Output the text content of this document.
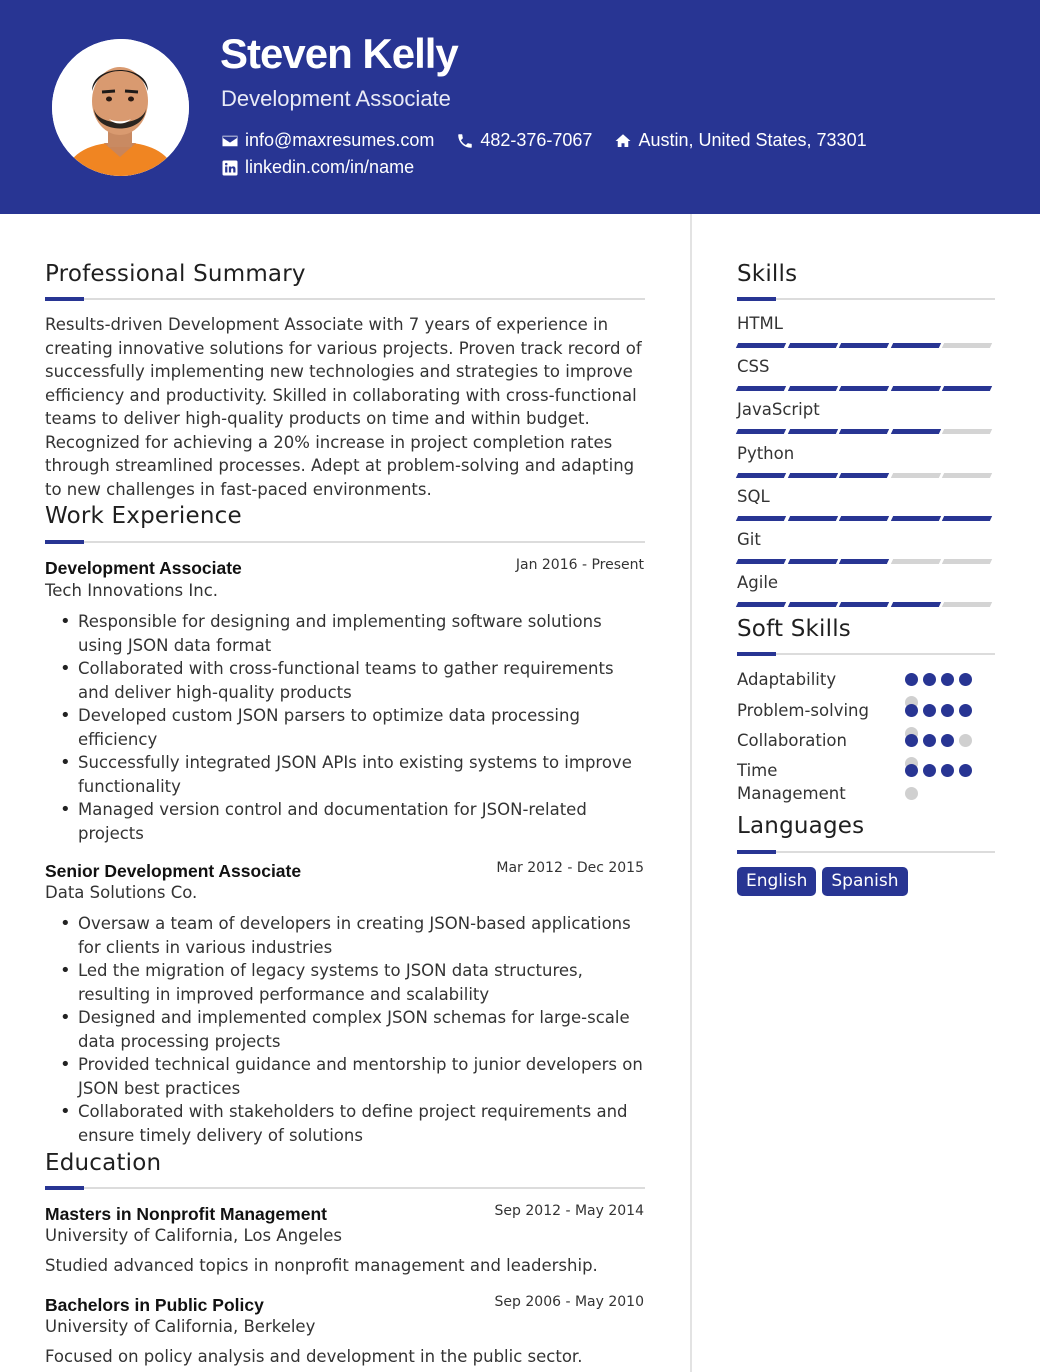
Steven Kelly
Development Associate
info@maxresumes.com	482-376-7067	Austin, United States, 73301
linkedin.com/in/name
Professional Summary
Results-driven Development Associate with 7 years of experience in creating innovative solutions for various projects. Proven track record of successfully implementing new technologies and strategies to improve efficiency and productivity. Skilled in collaborating with cross-functional teams to deliver high-quality products on time and within budget. Recognized for achieving a 20% increase in project completion rates through streamlined processes. Adept at problem-solving and adapting to new challenges in fast-paced environments.
Work Experience
Development Associate	Jan 2016 - Present
Tech Innovations Inc.
• Responsible for designing and implementing software solutions using JSON data format
• Collaborated with cross-functional teams to gather requirements and deliver high-quality products
• Developed custom JSON parsers to optimize data processing efficiency
• Successfully integrated JSON APIs into existing systems to improve functionality
• Managed version control and documentation for JSON-related projects
Senior Development Associate	Mar 2012 - Dec 2015
Data Solutions Co.
• Oversaw a team of developers in creating JSON-based applications for clients in various industries
• Led the migration of legacy systems to JSON data structures, resulting in improved performance and scalability
• Designed and implemented complex JSON schemas for large-scale data processing projects
• Provided technical guidance and mentorship to junior developers on JSON best practices
• Collaborated with stakeholders to define project requirements and ensure timely delivery of solutions
Education
Masters in Nonprofit Management	Sep 2012 - May 2014
University of California, Los Angeles
Studied advanced topics in nonprofit management and leadership.
Bachelors in Public Policy	Sep 2006 - May 2010
University of California, Berkeley
Focused on policy analysis and development in the public sector.
Skills
HTML
CSS
JavaScript
Python
SQL
Git
Agile
Soft Skills
Adaptability
Problem-solving
Collaboration
Time Management
Languages
English	Spanish
